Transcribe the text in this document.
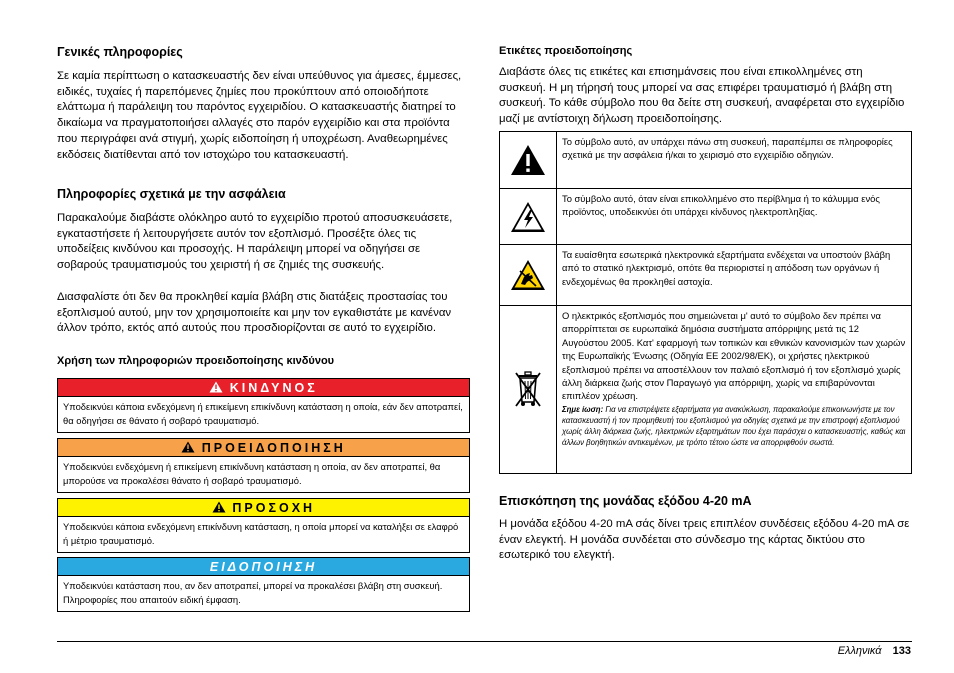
Γενικές πληροφορίες

Σε καμία περίπτωση ο κατασκευαστής δεν είναι υπεύθυνος για άμεσες, έμμεσες, ειδικές, τυχαίες ή παρεπόμενες ζημίες που προκύπτουν από οποιοδήποτε ελάττωμα ή παράλειψη του παρόντος εγχειριδίου. Ο κατασκευαστής διατηρεί το δικαίωμα να πραγματοποιήσει αλλαγές στο παρόν εγχειρίδιο και στα προϊόντα που περιγράφει ανά στιγμή, χωρίς ειδοποίηση ή υποχρέωση. Αναθεωρημένες εκδόσεις διατίθενται από τον ιστοχώρο του κατασκευαστή.

Πληροφορίες σχετικά με την ασφάλεια

Παρακαλούμε διαβάστε ολόκληρο αυτό το εγχειρίδιο προτού αποσυσκευάσετε, εγκαταστήσετε ή λειτουργήσετε αυτόν τον εξοπλισμό. Προσέξτε όλες τις υποδείξεις κινδύνου και προσοχής. Η παράλειψη μπορεί να οδηγήσει σε σοβαρούς τραυματισμούς του χειριστή ή σε ζημιές της συσκευής.

Διασφαλίστε ότι δεν θα προκληθεί καμία βλάβη στις διατάξεις προστασίας του εξοπλισμού αυτού, μην τον χρησιμοποιείτε και μην τον εγκαθιστάτε με κανέναν άλλον τρόπο, εκτός από αυτούς που προσδιορίζονται σε αυτό το εγχειρίδιο.

Χρήση των πληροφοριών προειδοποίησης κινδύνου
ΚΙΝΔΥΝΟΣ
Υποδεικνύει κάποια ενδεχόμενη ή επικείμενη επικίνδυνη κατάσταση η οποία, εάν δεν αποτραπεί, θα οδηγήσει σε θάνατο ή σοβαρό τραυματισμό.
ΠΡΟΕΙΔΟΠΟΙΗΣΗ
Υποδεικνύει ενδεχόμενη ή επικείμενη επικίνδυνη κατάσταση η οποία, αν δεν αποτραπεί, θα μπορούσε να προκαλέσει θάνατο ή σοβαρό τραυματισμό.
ΠΡΟΣΟΧΗ
Υποδεικνύει κάποια ενδεχόμενη επικίνδυνη κατάσταση, η οποία μπορεί να καταλήξει σε ελαφρό ή μέτριο τραυματισμό.
ΕΙΔΟΠΟΙΗΣΗ
Υποδεικνύει κατάσταση που, αν δεν αποτραπεί, μπορεί να προκαλέσει βλάβη στη συσκευή. Πληροφορίες που απαιτούν ειδική έμφαση.
Ετικέτες προειδοποίησης

Διαβάστε όλες τις ετικέτες και επισημάνσεις που είναι επικολλημένες στη συσκευή. Η μη τήρησή τους μπορεί να σας επιφέρει τραυματισμό ή βλάβη στη συσκευή. Το κάθε σύμβολο που θα δείτε στη συσκευή, αναφέρεται στο εγχειρίδιο μαζί με αντίστοιχη δήλωση προειδοποίησης.

Το σύμβολο αυτό, αν υπάρχει πάνω στη συσκευή, παραπέμπει σε πληροφορίες σχετικά με την ασφάλεια ή/και το χειρισμό στο εγχειρίδιο οδηγιών.
Το σύμβολο αυτό, όταν είναι επικολλημένο στο περίβλημα ή το κάλυμμα ενός προϊόντος, υποδεικνύει ότι υπάρχει κίνδυνος ηλεκτροπληξίας.
Τα ευαίσθητα εσωτερικά ηλεκτρονικά εξαρτήματα ενδέχεται να υποστούν βλάβη από το στατικό ηλεκτρισμό, οπότε θα περιοριστεί η απόδοση των οργάνων ή ενδεχομένως θα προκληθεί αστοχία.
Ο ηλεκτρικός εξοπλισμός που σημειώνεται μ' αυτό το σύμβολο δεν πρέπει να απορρίπτεται σε ευρωπαϊκά δημόσια συστήματα απόρριψης μετά τις 12 Αυγούστου 2005. Κατ' εφαρμογή των τοπικών και εθνικών κανονισμών των χωρών της Ευρωπαϊκής Ένωσης (Οδηγία ΕΕ 2002/98/ΕΚ), οι χρήστες ηλεκτρικού εξοπλισμού πρέπει να αποστέλλουν τον παλαιό εξοπλισμό ή τον εξοπλισμό χωρίς άλλη διάρκεια ζωής στον Παραγωγό για απόρριψη, χωρίς να επιβαρύνονται επιπλέον χρέωση.
Σημε ίωση: Για να επιστρέψετε εξαρτήματα για ανακύκλωση, παρακαλούμε επικοινωνήστε με τον κατασκευαστή ή τον προμηθευτή του εξοπλισμού για οδηγίες σχετικά με την επιστροφή εξοπλισμού χωρίς άλλη διάρκεια ζωής, ηλεκτρικών εξαρτημάτων που έχει παράσχει ο κατασκευαστής, καθώς και άλλων βοηθητικών αντικειμένων, με τρόπο τέτοιο ώστε να απορριφθούν σωστά.
Επισκόπηση της μονάδας εξόδου 4-20 mA

Η μονάδα εξόδου 4-20 mA σάς δίνει τρεις επιπλέον συνδέσεις εξόδου 4-20 mA σε έναν ελεγκτή. Η μονάδα συνδέεται στο σύνδεσμο της κάρτας δικτύου στο εσωτερικό του ελεγκτή.

Ελληνικά 133
